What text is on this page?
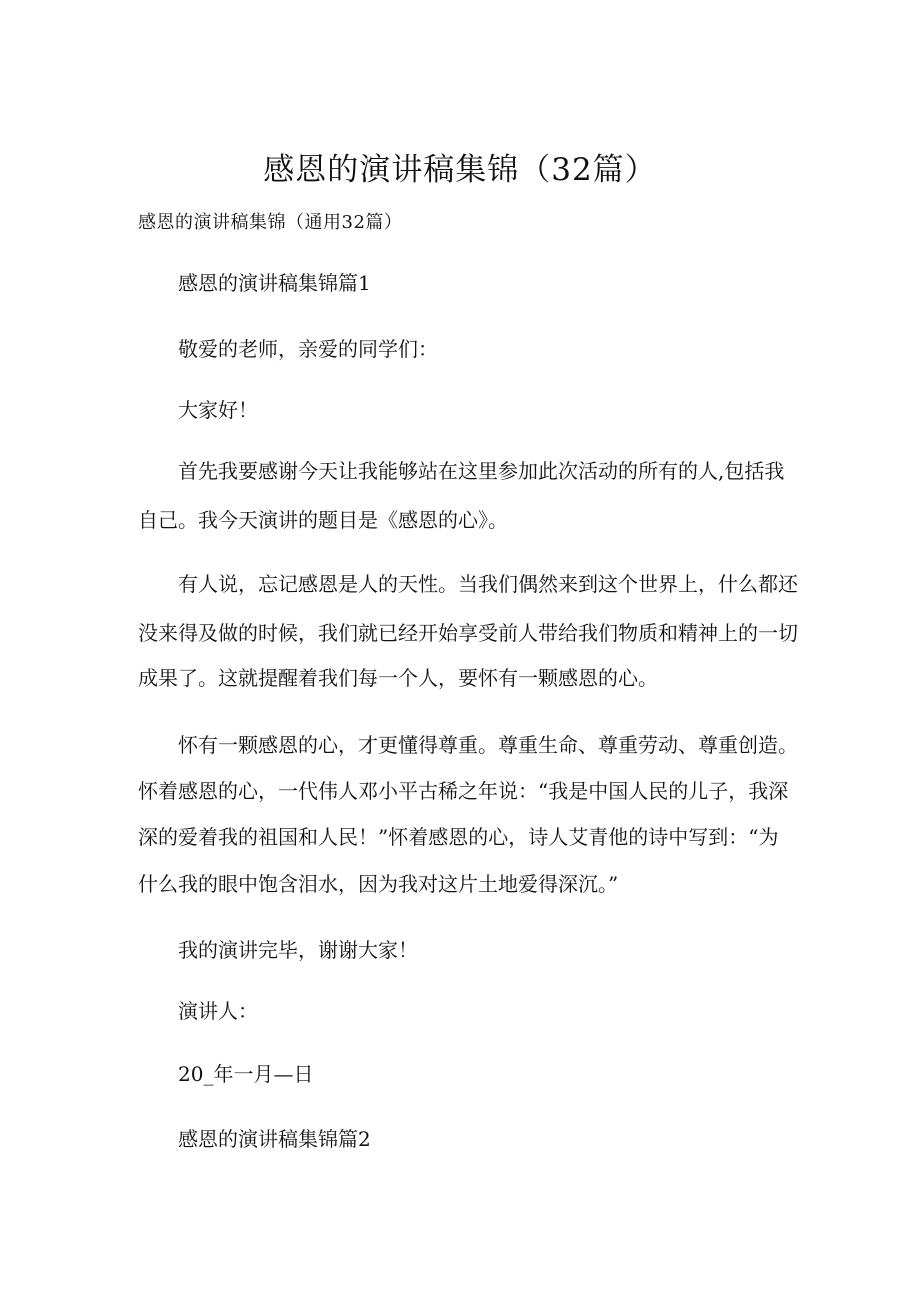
感恩的演讲稿集锦（32篇）
感恩的演讲稿集锦（通用32篇）
感恩的演讲稿集锦篇1
敬爱的老师，亲爱的同学们：
大家好！
首先我要感谢今天让我能够站在这里参加此次活动的所有的人,包括我
自己。我今天演讲的题目是《感恩的心》。
有人说，忘记感恩是人的天性。当我们偶然来到这个世界上，什么都还
没来得及做的时候，我们就已经开始享受前人带给我们物质和精神上的一切
成果了。这就提醒着我们每一个人，要怀有一颗感恩的心。
怀有一颗感恩的心，才更懂得尊重。尊重生命、尊重劳动、尊重创造。
怀着感恩的心，一代伟人邓小平古稀之年说：“我是中国人民的儿子，我深
深的爱着我的祖国和人民！”怀着感恩的心，诗人艾青他的诗中写到：“为
什么我的眼中饱含泪水，因为我对这片土地爱得深沉。”
我的演讲完毕，谢谢大家！
演讲人：
20_年一月—日
感恩的演讲稿集锦篇2
